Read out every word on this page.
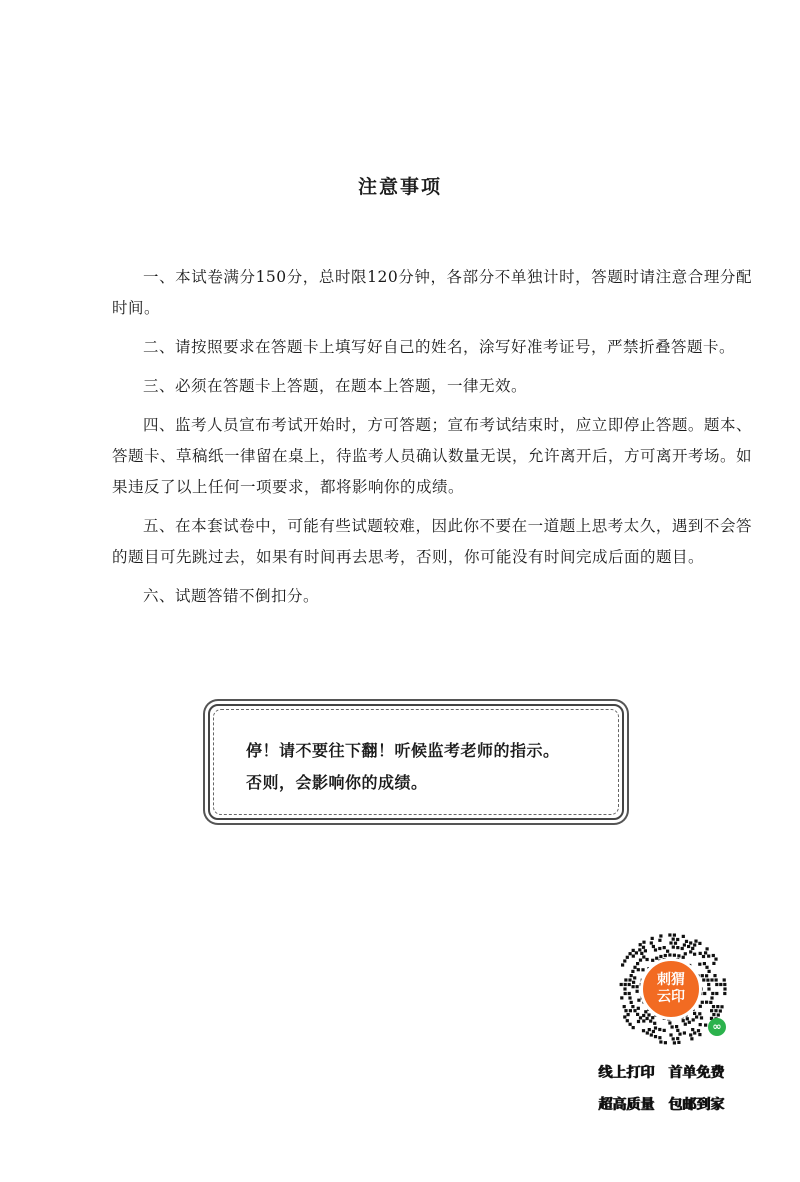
注意事项

一、本试卷满分150分，总时限120分钟，各部分不单独计时，答题时请注意合理分配时间。

二、请按照要求在答题卡上填写好自己的姓名，涂写好准考证号，严禁折叠答题卡。

三、必须在答题卡上答题，在题本上答题，一律无效。

四、监考人员宣布考试开始时，方可答题；宣布考试结束时，应立即停止答题。题本、答题卡、草稿纸一律留在桌上，待监考人员确认数量无误，允许离开后，方可离开考场。如果违反了以上任何一项要求，都将影响你的成绩。

五、在本套试卷中，可能有些试题较难，因此你不要在一道题上思考太久，遇到不会答的题目可先跳过去，如果有时间再去思考，否则，你可能没有时间完成后面的题目。

六、试题答错不倒扣分。

停！请不要往下翻！听候监考老师的指示。
否则，会影响你的成绩。
刺猬
云印
∞
线上打印 首单免费
超高质量 包邮到家
